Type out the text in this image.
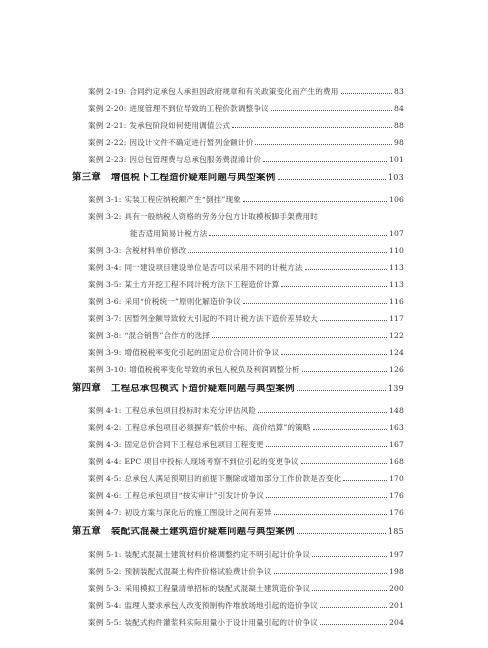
案例 2-19: 合同约定承包人承担因政府规章和有关政策变化而产生的费用	83
案例 2-20: 进度管理不到位导致的工程价款调整争议	84
案例 2-21: 发承包阶段如何使用调值公式	88
案例 2-22: 因设计文件不确定进行暂列金额计价	98
案例 2-23: 因总包管理费与总承包服务费混淆计价	101
第三章 增值税下工程造价疑难问题与典型案例	103
案例 3-1: 实装工程应纳税额产生“倒挂”现象	106
案例 3-2: 具有一般纳税人资格的劳务分包方计取模板脚手架费用时
能否适用简易计税方法	107
案例 3-3: 含税材料单价修改	110
案例 3-4: 同一建设项目建设单位是否可以采用不同的计税方法	113
案例 3-5: 某土方开挖工程不同计税方法下工程造价计算	113
案例 3-6: 采用“价税统一”原则化解造价争议	116
案例 3-7: 因暂列金额导致较大引起的不同计税方法下造价差异较大	117
案例 3-8: “混合销售”合作方的选择	122
案例 3-9: 增值税税率变化引起的固定总价合同计价争议	124
案例 3-10: 增值税税率变化导致的承包人税负及利润调整分析	126
第四章 工程总承包模式下造价疑难问题与典型案例	139
案例 4-1: 工程总承包项目投标时未充分评估风险	148
案例 4-2: 工程总承包项目必须摒弃“低价中标、高价结算”的策略	163
案例 4-3: 固定总价合同下工程总承包项目工程变更	167
案例 4-4: EPC 项目中投标人现场考察不到位引起的变更争议	168
案例 4-5: 总承包人满足预期目的前提下删除或增加部分工作价款是否变化	170
案例 4-6: 工程总承包项目“按实审计”引发计价争议	176
案例 4-7: 初设方案与深化后的施工图设计之间有差异	176
第五章 装配式混凝土建筑造价疑难问题与典型案例	185
案例 5-1: 装配式混凝土建筑材料价格调整约定不明引起计价争议	197
案例 5-2: 预制装配式混凝土构件价格试验费计价争议	198
案例 5-3: 采用模拟工程量清单招标的装配式混凝土建筑造价争议	200
案例 5-4: 监理人要求承包人改变预制构件堆放场地引起的造价争议	201
案例 5-5: 装配式构件灌浆料实际用量小于设计用量引起的计价争议	204
